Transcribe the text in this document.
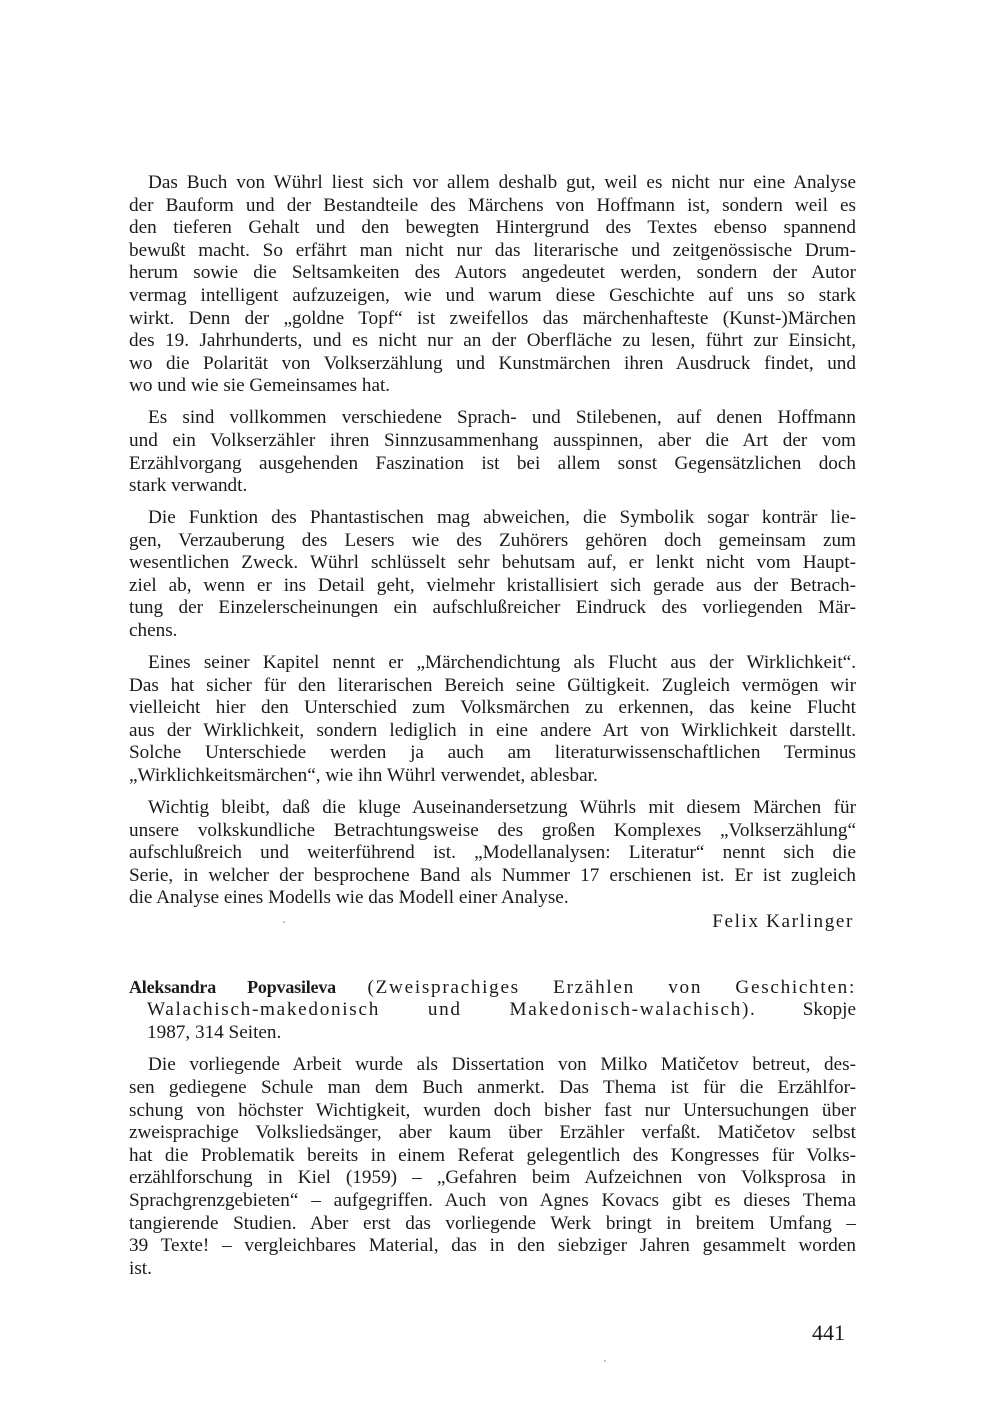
Das Buch von Wührl liest sich vor allem deshalb gut, weil es nicht nur eine Analyse
der Bauform und der Bestandteile des Märchens von Hoffmann ist, sondern weil es
den tieferen Gehalt und den bewegten Hintergrund des Textes ebenso spannend
bewußt macht. So erfährt man nicht nur das literarische und zeitgenössische Drum-
herum sowie die Seltsamkeiten des Autors angedeutet werden, sondern der Autor
vermag intelligent aufzuzeigen, wie und warum diese Geschichte auf uns so stark
wirkt. Denn der „goldne Topf“ ist zweifellos das märchenhafteste (Kunst-)Märchen
des 19. Jahrhunderts, und es nicht nur an der Oberfläche zu lesen, führt zur Einsicht,
wo die Polarität von Volkserzählung und Kunstmärchen ihren Ausdruck findet, und
wo und wie sie Gemeinsames hat.
Es sind vollkommen verschiedene Sprach- und Stilebenen, auf denen Hoffmann
und ein Volkserzähler ihren Sinnzusammenhang ausspinnen, aber die Art der vom
Erzählvorgang ausgehenden Faszination ist bei allem sonst Gegensätzlichen doch
stark verwandt.
Die Funktion des Phantastischen mag abweichen, die Symbolik sogar konträr lie-
gen, Verzauberung des Lesers wie des Zuhörers gehören doch gemeinsam zum
wesentlichen Zweck. Wührl schlüsselt sehr behutsam auf, er lenkt nicht vom Haupt-
ziel ab, wenn er ins Detail geht, vielmehr kristallisiert sich gerade aus der Betrach-
tung der Einzelerscheinungen ein aufschlußreicher Eindruck des vorliegenden Mär-
chens.
Eines seiner Kapitel nennt er „Märchendichtung als Flucht aus der Wirklichkeit“.
Das hat sicher für den literarischen Bereich seine Gültigkeit. Zugleich vermögen wir
vielleicht hier den Unterschied zum Volksmärchen zu erkennen, das keine Flucht
aus der Wirklichkeit, sondern lediglich in eine andere Art von Wirklichkeit darstellt.
Solche Unterschiede werden ja auch am literaturwissenschaftlichen Terminus
„Wirklichkeitsmärchen“, wie ihn Wührl verwendet, ablesbar.
Wichtig bleibt, daß die kluge Auseinandersetzung Wührls mit diesem Märchen für
unsere volkskundliche Betrachtungsweise des großen Komplexes „Volkserzählung“
aufschlußreich und weiterführend ist. „Modellanalysen: Literatur“ nennt sich die
Serie, in welcher der besprochene Band als Nummer 17 erschienen ist. Er ist zugleich
die Analyse eines Modells wie das Modell einer Analyse.
Felix Karlinger
Aleksandra Popvasileva (Zweisprachiges Erzählen von Geschichten:
Walachisch-makedonisch und Makedonisch-walachisch). Skopje
1987, 314 Seiten.
Die vorliegende Arbeit wurde als Dissertation von Milko Matičetov betreut, des-
sen gediegene Schule man dem Buch anmerkt. Das Thema ist für die Erzählfor-
schung von höchster Wichtigkeit, wurden doch bisher fast nur Untersuchungen über
zweisprachige Volksliedsänger, aber kaum über Erzähler verfaßt. Matičetov selbst
hat die Problematik bereits in einem Referat gelegentlich des Kongresses für Volks-
erzählforschung in Kiel (1959) – „Gefahren beim Aufzeichnen von Volksprosa in
Sprachgrenzgebieten“ – aufgegriffen. Auch von Agnes Kovacs gibt es dieses Thema
tangierende Studien. Aber erst das vorliegende Werk bringt in breitem Umfang –
39 Texte! – vergleichbares Material, das in den siebziger Jahren gesammelt worden
ist.
441
